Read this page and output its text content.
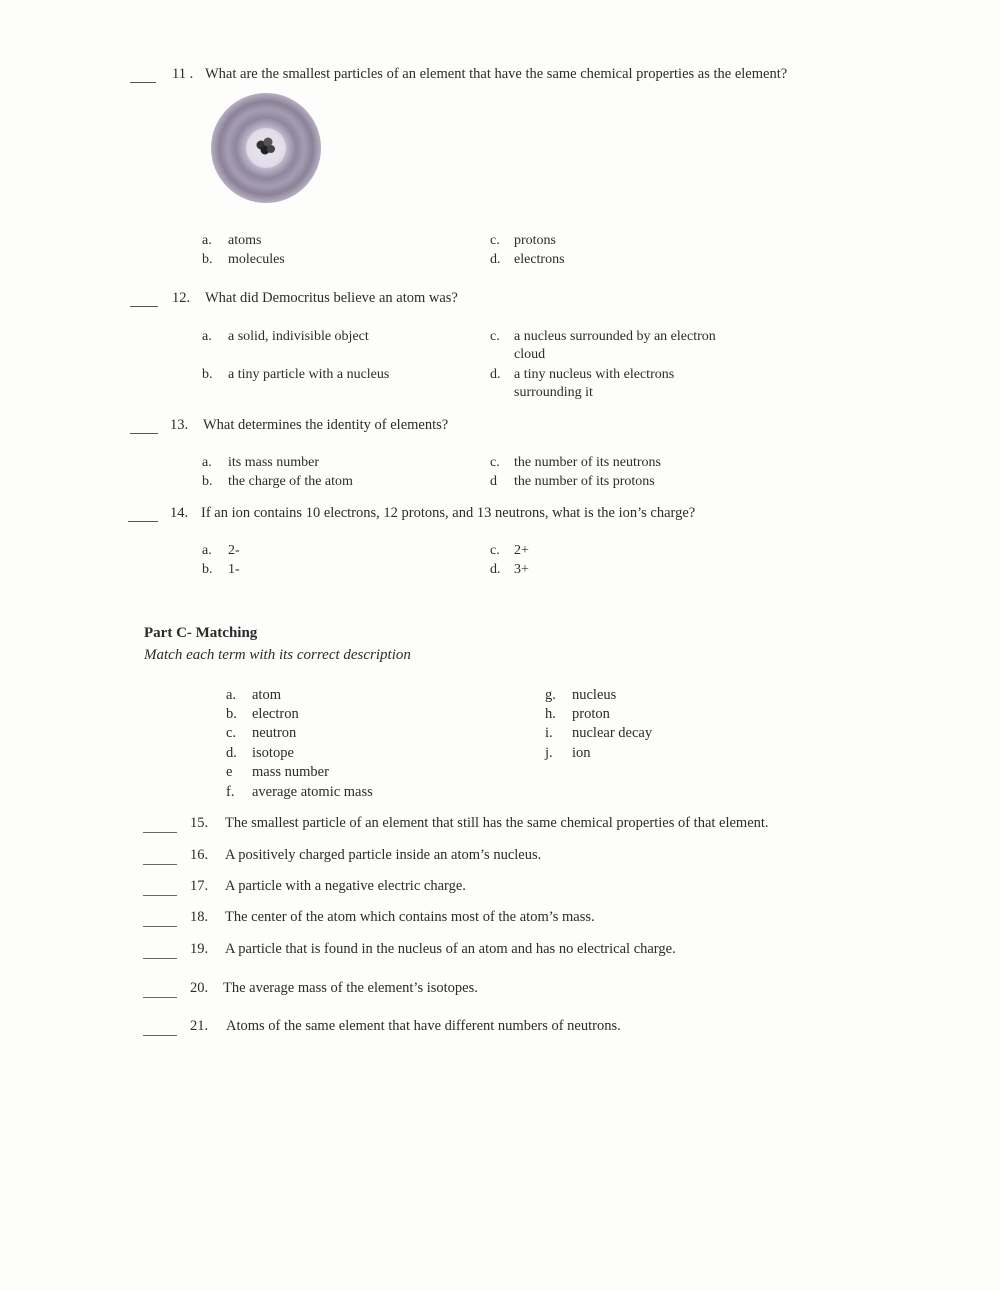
11 . What are the smallest particles of an element that have the same chemical properties as the element?
a. atoms
b. molecules
c. protons
d. electrons
12. What did Democritus believe an atom was?
a. a solid, indivisible object
b. a tiny particle with a nucleus
c. a nucleus surrounded by an electron
cloud
d. a tiny nucleus with electrons
surrounding it
13. What determines the identity of elements?
a. its mass number
b. the charge of the atom
c. the number of its neutrons
d the number of its protons
14. If an ion contains 10 electrons, 12 protons, and 13 neutrons, what is the ion’s charge?
a. 2-
b. 1-
c. 2+
d. 3+
Part C- Matching
Match each term with its correct description
a. atom
b. electron
c. neutron
d. isotope
e mass number
f. average atomic mass
g. nucleus
h. proton
i. nuclear decay
j. ion
15. The smallest particle of an element that still has the same chemical properties of that element.
16. A positively charged particle inside an atom’s nucleus.
17. A particle with a negative electric charge.
18. The center of the atom which contains most of the atom’s mass.
19. A particle that is found in the nucleus of an atom and has no electrical charge.
20. The average mass of the element’s isotopes.
21. Atoms of the same element that have different numbers of neutrons.
